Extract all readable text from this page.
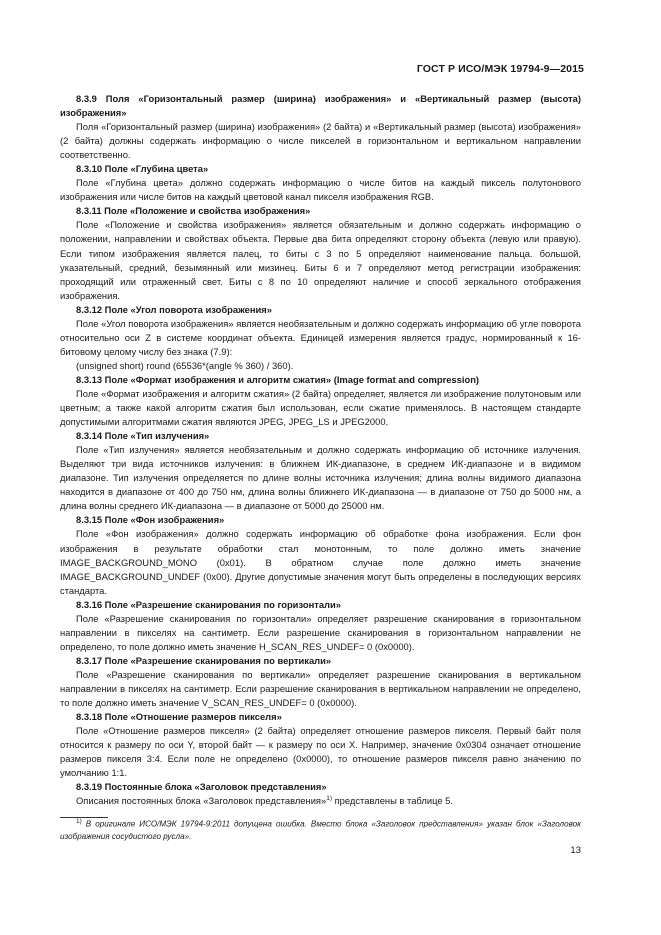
ГОСТ Р ИСО/МЭК 19794-9—2015

8.3.9 Поля «Горизонтальный размер (ширина) изображения» и «Вертикальный размер (высота) изображения»

Поля «Горизонтальный размер (ширина) изображения» (2 байта) и «Вертикальный размер (высота) изображения» (2 байта) должны содержать информацию о числе пикселей в горизонтальном и вертикальном направлении соответственно.

8.3.10 Поле «Глубина цвета»

Поле «Глубина цвета» должно содержать информацию о числе битов на каждый пиксель полутонового изображения или числе битов на каждый цветовой канал пикселя изображения RGB.

8.3.11 Поле «Положение и свойства изображения»

Поле «Положение и свойства изображения» является обязательным и должно содержать информацию о положении, направлении и свойствах объекта. Первые два бита определяют сторону объекта (левую или правую). Если типом изображения является палец, то биты с 3 по 5 определяют наименование пальца. большой, указательный, средний, безымянный или мизинец. Биты 6 и 7 определяют метод регистрации изображения: проходящий или отраженный свет. Биты с 8 по 10 определяют наличие и способ зеркального отображения изображения.

8.3.12 Поле «Угол поворота изображения»

Поле «Угол поворота изображения» является необязательным и должно содержать информацию об угле поворота относительно оси Z в системе координат объекта. Единицей измерения является градус, нормированный к 16-битовому целому числу без знака (7.9):

(unsigned short) round (65536*(angle % 360) / 360).

8.3.13 Поле «Формат изображения и алгоритм сжатия» (Image format and compression)

Поле «Формат изображения и алгоритм сжатия» (2 байта) определяет, является ли изображение полутоновым или цветным; а также какой алгоритм сжатия был использован, если сжатие применялось. В настоящем стандарте допустимыми алгоритмами сжатия являются JPEG, JPEG_LS и JPEG2000.

8.3.14 Поле «Тип излучения»

Поле «Тип излучения» является необязательным и должно содержать информацию об источнике излучения. Выделяют три вида источников излучения: в ближнем ИК-диапазоне, в среднем ИК-диапазоне и в видимом диапазоне. Тип излучения определяется по длине волны источника излучения; длина волны видимого диапазона находится в диапазоне от 400 до 750 нм, длина волны ближнего ИК-диапазона — в диапазоне от 750 до 5000 нм, а длина волны среднего ИК-диапазона — в диапазоне от 5000 до 25000 нм.

8.3.15 Поле «Фон изображения»

Поле «Фон изображения» должно содержать информацию об обработке фона изображения. Если фон изображения в результате обработки стал монотонным, то поле должно иметь значение IMAGE_BACKGROUND_MONO (0x01). В обратном случае поле должно иметь значение IMAGE_BACKGROUND_UNDEF (0x00). Другие допустимые значения могут быть определены в последующих версиях стандарта.

8.3.16 Поле «Разрешение сканирования по горизонтали»

Поле «Разрешение сканирования по горизонтали» определяет разрешение сканирования в горизонтальном направлении в пикселях на сантиметр. Если разрешение сканирования в горизонтальном направлении не определено, то поле должно иметь значение H_SCAN_RES_UNDEF= 0 (0x0000).

8.3.17 Поле «Разрешение сканирования по вертикали»

Поле «Разрешение сканирования по вертикали» определяет разрешение сканирования в вертикальном направлении в пикселях на сантиметр. Если разрешение сканирования в вертикальном направлении не определено, то поле должно иметь значение V_SCAN_RES_UNDEF= 0 (0x0000).

8.3.18 Поле «Отношение размеров пикселя»

Поле «Отношение размеров пикселя» (2 байта) определяет отношение размеров пикселя. Первый байт поля относится к размеру по оси Y, второй байт — к размеру по оси X. Например, значение 0x0304 означает отношение размеров пикселя 3:4. Если поле не определено (0x0000), то отношение размеров пикселя равно значению по умолчанию 1:1.

8.3.19 Постоянные блока «Заголовок представления»

Описания постоянных блока «Заголовок представления»$^{1)}$ представлены в таблице 5.

$^{1)}$ В оригинале ИСО/МЭК 19794-9:2011 допущена ошибка. Вместо блока «Заголовок представления» указан блок «Заголовок изображения сосудистого русла».
13
